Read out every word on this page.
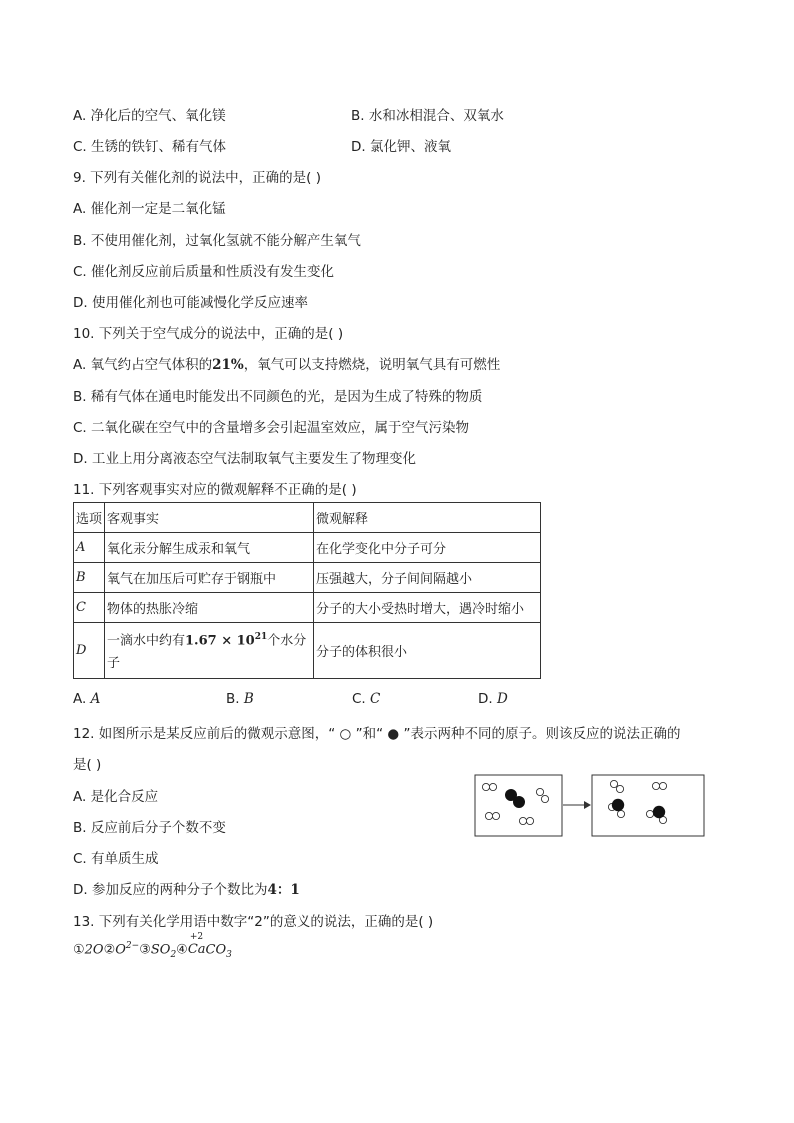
A. 净化后的空气、氧化镁	B. 水和冰相混合、双氧水
C. 生锈的铁钉、稀有气体	D. 氯化钾、液氧
9. 下列有关催化剂的说法中，正确的是( )
A. 催化剂一定是二氧化锰
B. 不使用催化剂，过氧化氢就不能分解产生氧气
C. 催化剂反应前后质量和性质没有发生变化
D. 使用催化剂也可能减慢化学反应速率
10. 下列关于空气成分的说法中，正确的是( )
A. 氧气约占空气体积的21%，氧气可以支持燃烧，说明氧气具有可燃性
B. 稀有气体在通电时能发出不同颜色的光，是因为生成了特殊的物质
C. 二氧化碳在空气中的含量增多会引起温室效应，属于空气污染物
D. 工业上用分离液态空气法制取氧气主要发生了物理变化
11. 下列客观事实对应的微观解释不正确的是( )
选项	客观事实	微观解释
A	氧化汞分解生成汞和氧气	在化学变化中分子可分
B	氧气在加压后可贮存于钢瓶中	压强越大，分子间间隔越小
C	物体的热胀冷缩	分子的大小受热时增大，遇冷时缩小
D	一滴水中约有$1.67 \times 10^{21}$个水分子	分子的体积很小
A. A	B. B	C. C	D. D
12. 如图所示是某反应前后的微观示意图，“ ○ ”和“ ● ”表示两种不同的原子。则该反应的说法正确的
是( )
A. 是化合反应
B. 反应前后分子个数不变
C. 有单质生成
D. 参加反应的两种分子个数比为4：1
13. 下列有关化学用语中数字“2”的意义的说法，正确的是( )
$①2O②O^{2-}③SO_2④$
+2
CaCO$_3$
